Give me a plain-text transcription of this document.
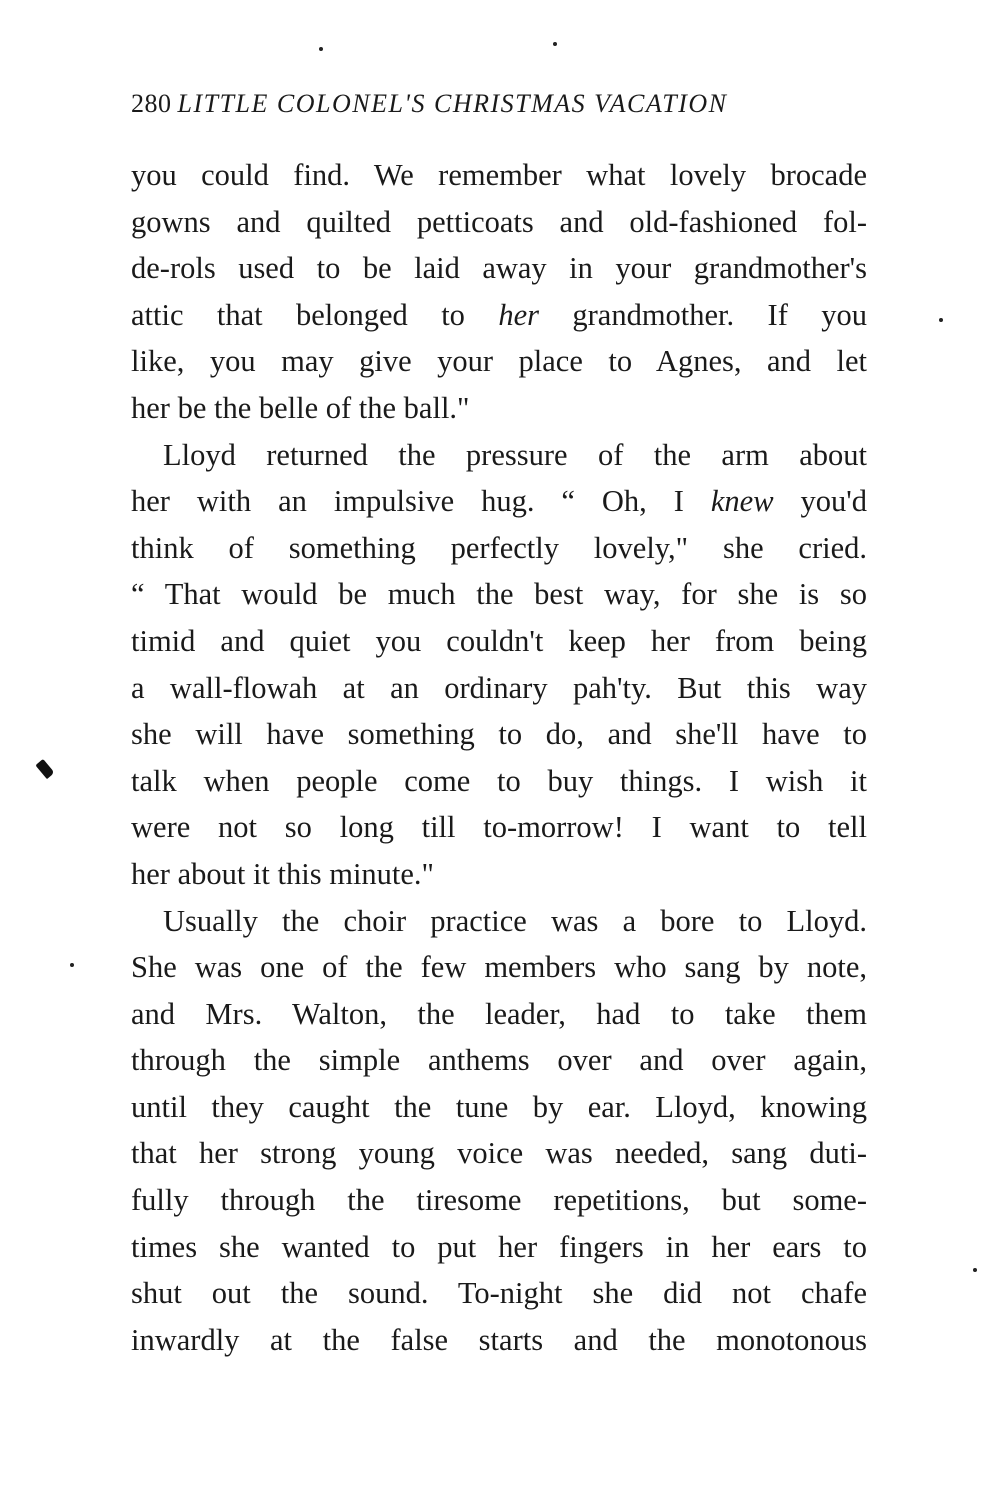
280 LITTLE COLONEL'S CHRISTMAS VACATION

you could find. We remember what lovely brocade
gowns and quilted petticoats and old-fashioned fol-
de-rols used to be laid away in your grandmother's
attic that belonged to her grandmother. If you
like, you may give your place to Agnes, and let
her be the belle of the ball."

Lloyd returned the pressure of the arm about
her with an impulsive hug. “ Oh, I knew you'd
think of something perfectly lovely," she cried.
“ That would be much the best way, for she is so
timid and quiet you couldn't keep her from being
a wall-flowah at an ordinary pah'ty. But this way
she will have something to do, and she'll have to
talk when people come to buy things. I wish it
were not so long till to-morrow! I want to tell
her about it this minute."

Usually the choir practice was a bore to Lloyd.
She was one of the few members who sang by note,
and Mrs. Walton, the leader, had to take them
through the simple anthems over and over again,
until they caught the tune by ear. Lloyd, knowing
that her strong young voice was needed, sang duti-
fully through the tiresome repetitions, but some-
times she wanted to put her fingers in her ears to
shut out the sound. To-night she did not chafe
inwardly at the false starts and the monotonous
